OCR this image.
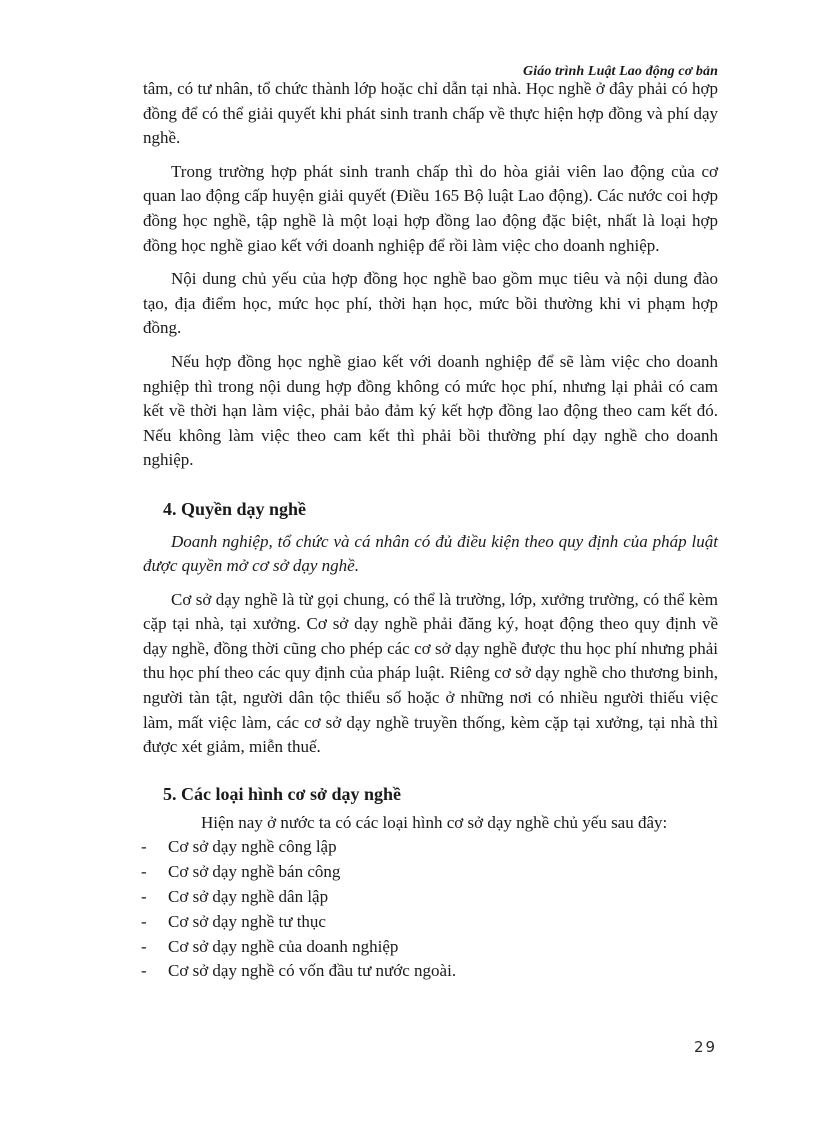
Giáo trình Luật Lao động cơ bản

tâm, có tư nhân, tổ chức thành lớp hoặc chỉ dẫn tại nhà. Học nghề ở đây phải có hợp đồng để có thể giải quyết khi phát sinh tranh chấp về thực hiện hợp đồng và phí dạy nghề.

Trong trường hợp phát sinh tranh chấp thì do hòa giải viên lao động của cơ quan lao động cấp huyện giải quyết (Điều 165 Bộ luật Lao động). Các nước coi hợp đồng học nghề, tập nghề là một loại hợp đồng lao động đặc biệt, nhất là loại hợp đồng học nghề giao kết với doanh nghiệp để rồi làm việc cho doanh nghiệp.

Nội dung chủ yếu của hợp đồng học nghề bao gồm mục tiêu và nội dung đào tạo, địa điểm học, mức học phí, thời hạn học, mức bồi thường khi vi phạm hợp đồng.

Nếu hợp đồng học nghề giao kết với doanh nghiệp để sẽ làm việc cho doanh nghiệp thì trong nội dung hợp đồng không có mức học phí, nhưng lại phải có cam kết về thời hạn làm việc, phải bảo đảm ký kết hợp đồng lao động theo cam kết đó. Nếu không làm việc theo cam kết thì phải bồi thường phí dạy nghề cho doanh nghiệp.

4. Quyền dạy nghề

Doanh nghiệp, tổ chức và cá nhân có đủ điều kiện theo quy định của pháp luật được quyền mở cơ sở dạy nghề.

Cơ sở dạy nghề là từ gọi chung, có thể là trường, lớp, xưởng trường, có thể kèm cặp tại nhà, tại xưởng. Cơ sở dạy nghề phải đăng ký, hoạt động theo quy định về dạy nghề, đồng thời cũng cho phép các cơ sở dạy nghề được thu học phí nhưng phải thu học phí theo các quy định của pháp luật. Riêng cơ sở dạy nghề cho thương binh, người tàn tật, người dân tộc thiểu số hoặc ở những nơi có nhiều người thiếu việc làm, mất việc làm, các cơ sở dạy nghề truyền thống, kèm cặp tại xưởng, tại nhà thì được xét giảm, miễn thuế.

5. Các loại hình cơ sở dạy nghề
Hiện nay ở nước ta có các loại hình cơ sở dạy nghề chủ yếu sau đây:
- Cơ sở dạy nghề công lập
- Cơ sở dạy nghề bán công
- Cơ sở dạy nghề dân lập
- Cơ sở dạy nghề tư thục
- Cơ sở dạy nghề của doanh nghiệp
- Cơ sở dạy nghề có vốn đầu tư nước ngoài.
29
